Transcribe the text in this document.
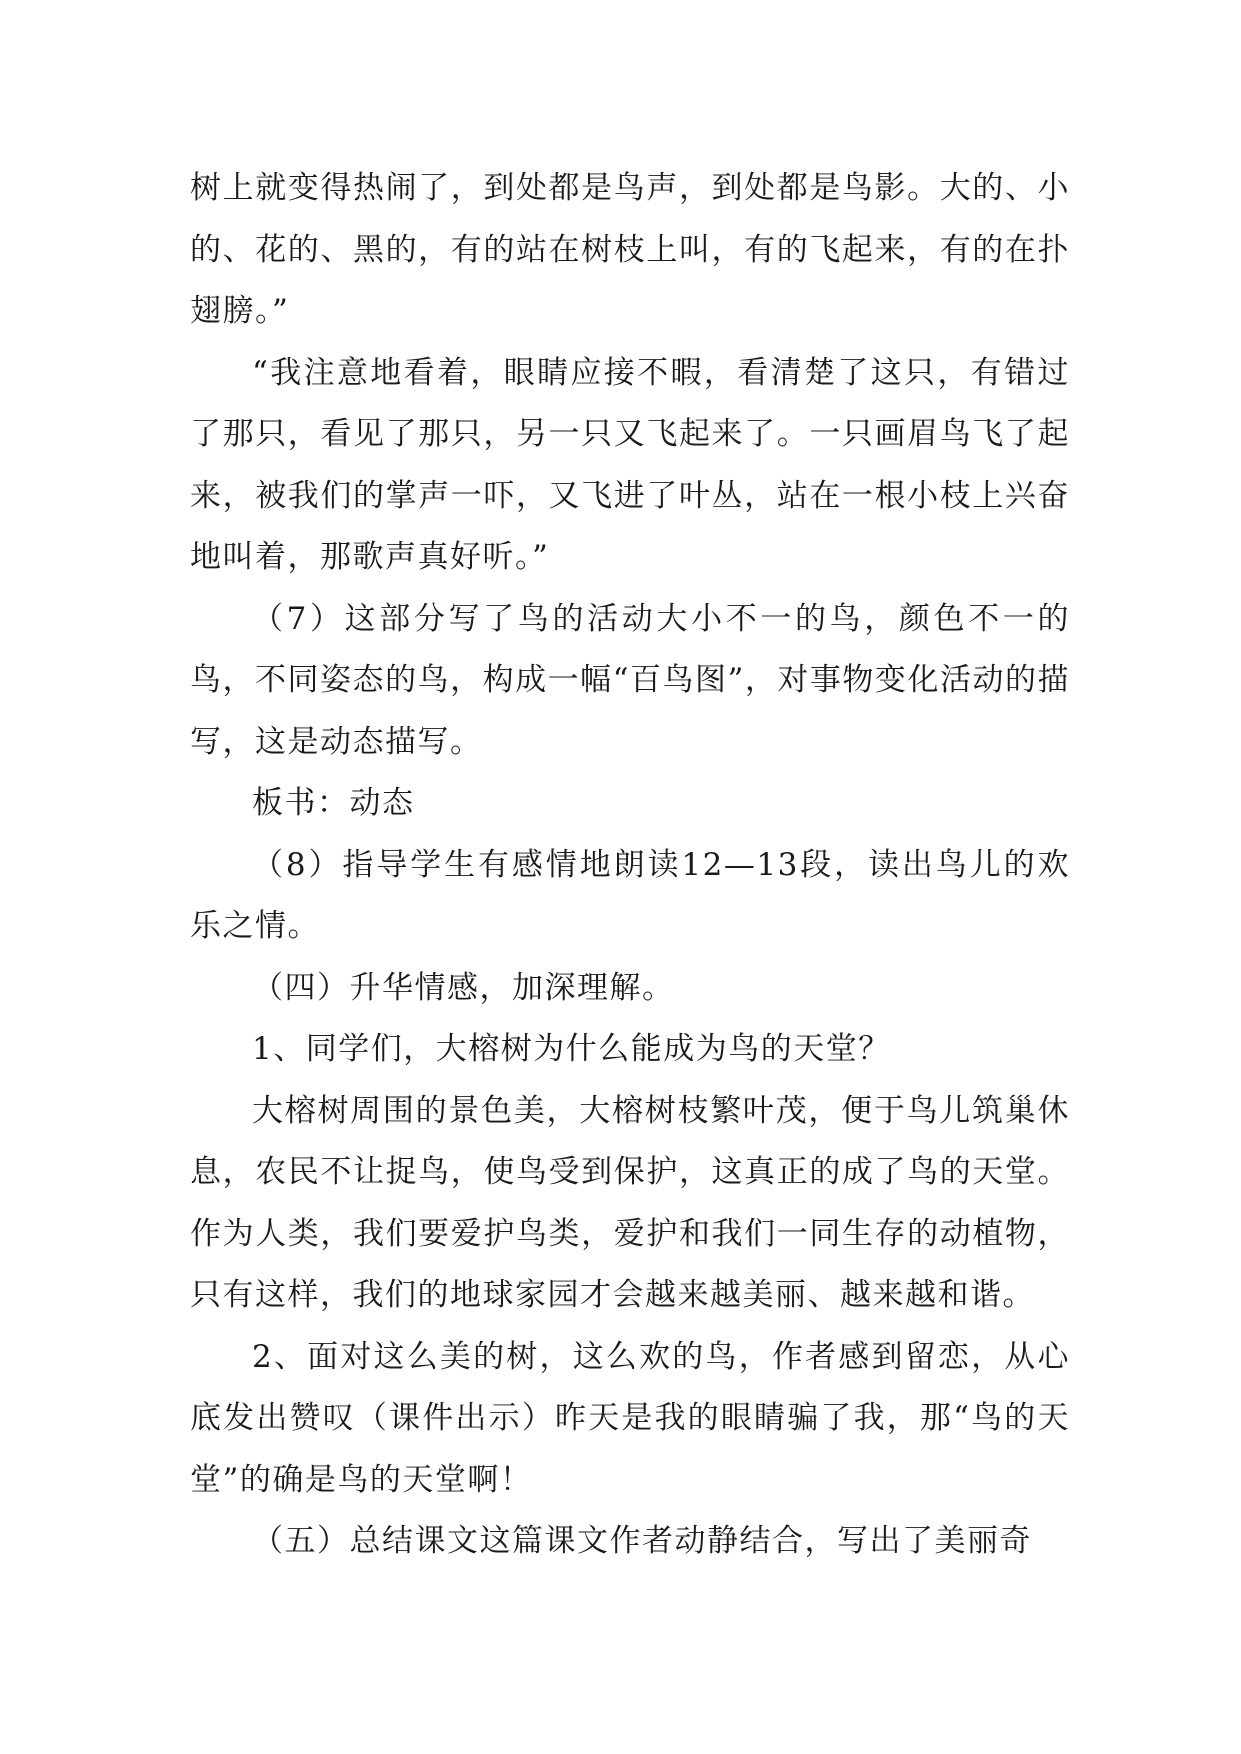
树上就变得热闹了，到处都是鸟声，到处都是鸟影。大的、小的、花的、黑的，有的站在树枝上叫，有的飞起来，有的在扑翅膀。”

“我注意地看着，眼睛应接不暇，看清楚了这只，有错过了那只，看见了那只，另一只又飞起来了。一只画眉鸟飞了起来，被我们的掌声一吓，又飞进了叶丛，站在一根小枝上兴奋地叫着，那歌声真好听。”

（7）这部分写了鸟的活动大小不一的鸟，颜色不一的鸟，不同姿态的鸟，构成一幅“百鸟图”，对事物变化活动的描写，这是动态描写。

板书：动态

（8）指导学生有感情地朗读12—13段，读出鸟儿的欢乐之情。

（四）升华情感，加深理解。

1、同学们，大榕树为什么能成为鸟的天堂？

大榕树周围的景色美，大榕树枝繁叶茂，便于鸟儿筑巢休息，农民不让捉鸟，使鸟受到保护，这真正的成了鸟的天堂。作为人类，我们要爱护鸟类，爱护和我们一同生存的动植物，只有这样，我们的地球家园才会越来越美丽、越来越和谐。

2、面对这么美的树，这么欢的鸟，作者感到留恋，从心底发出赞叹（课件出示）昨天是我的眼睛骗了我，那“鸟的天堂”的确是鸟的天堂啊！

（五）总结课文这篇课文作者动静结合，写出了美丽奇
